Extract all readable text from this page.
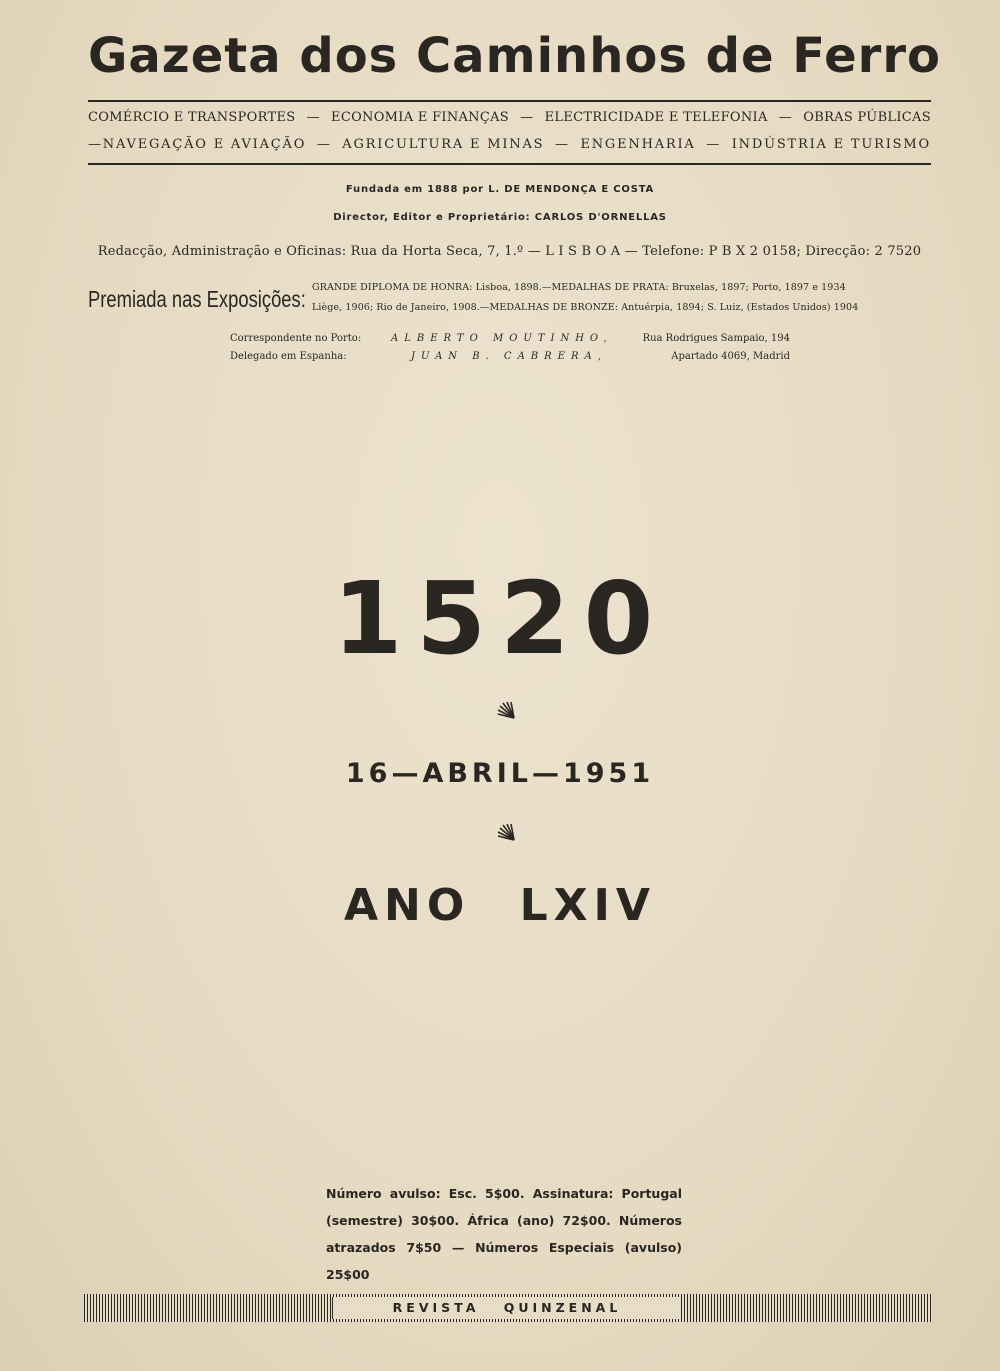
Gazeta dos Caminhos de Ferro
COMÉRCIO E TRANSPORTES — ECONOMIA E FINANÇAS — ELECTRICIDADE E TELEFONIA — OBRAS PÚBLICAS
—NAVEGAÇÃO E AVIAÇÃO — AGRICULTURA E MINAS — ENGENHARIA — INDÚSTRIA E TURISMO
Fundada em 1888 por L. DE MENDONÇA E COSTA
Director, Editor e Proprietário: CARLOS D'ORNELLAS
Redacção, Administração e Oficinas: Rua da Horta Seca, 7, 1.º — L I S B O A — Telefone: P B X 2 0158; Direcção: 2 7520
Premiada nas Exposições: GRANDE DIPLOMA DE HONRA: Lisboa, 1898.—MEDALHAS DE PRATA: Bruxelas, 1897; Porto, 1897 e 1934
Liège, 1906; Rio de Janeiro, 1908.—MEDALHAS DE BRONZE: Antuérpia, 1894; S. Luiz, (Estados Unidos) 1904
Correspondente no Porto:	ALBERTO MOUTINHO,	Rua Rodrigues Sampaio, 194
Delegado em Espanha:	JUAN B. CABRERA,	Apartado 4069, Madrid
1520
16—ABRIL—1951
ANO LXIV
Número avulso: Esc. 5$00. Assinatura: Portugal (semestre) 30$00. África (ano) 72$00. Números atrazados 7$50 — Números Especiais (avulso) 25$00
REVISTA QUINZENAL
